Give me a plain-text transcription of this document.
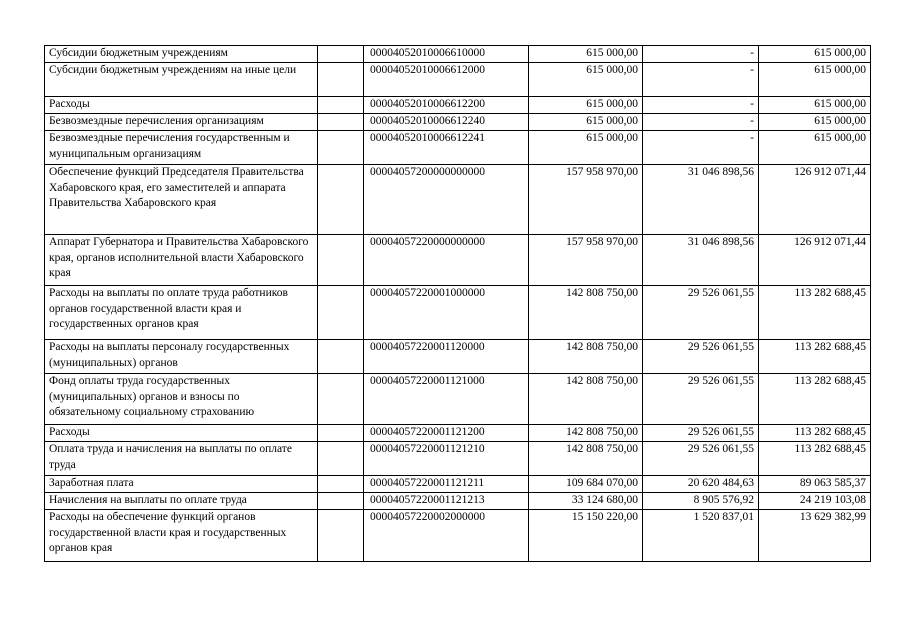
Субсидии бюджетным учреждениям		00004052010006610000	615 000,00	-	615 000,00
Субсидии бюджетным учреждениям на иные цели		00004052010006612000	615 000,00	-	615 000,00
Расходы		00004052010006612200	615 000,00	-	615 000,00
Безвозмездные перечисления организациям		00004052010006612240	615 000,00	-	615 000,00
Безвозмездные перечисления государственным и муниципальным организациям		00004052010006612241	615 000,00	-	615 000,00
Обеспечение функций Председателя Правительства Хабаровского края, его заместителей и аппарата Правительства Хабаровского края		00004057200000000000	157 958 970,00	31 046 898,56	126 912 071,44
Аппарат Губернатора и Правительства Хабаровского края, органов исполнительной власти Хабаровского края		00004057220000000000	157 958 970,00	31 046 898,56	126 912 071,44
Расходы на выплаты по оплате труда работников органов государственной власти края и государственных органов края		00004057220001000000	142 808 750,00	29 526 061,55	113 282 688,45
Расходы на выплаты персоналу государственных (муниципальных) органов		00004057220001120000	142 808 750,00	29 526 061,55	113 282 688,45
Фонд оплаты труда государственных (муниципальных) органов и взносы по обязательному социальному страхованию		00004057220001121000	142 808 750,00	29 526 061,55	113 282 688,45
Расходы		00004057220001121200	142 808 750,00	29 526 061,55	113 282 688,45
Оплата труда и начисления на выплаты по оплате труда		00004057220001121210	142 808 750,00	29 526 061,55	113 282 688,45
Заработная плата		00004057220001121211	109 684 070,00	20 620 484,63	89 063 585,37
Начисления на выплаты по оплате труда		00004057220001121213	33 124 680,00	8 905 576,92	24 219 103,08
Расходы на обеспечение функций органов государственной власти края и государственных органов края		00004057220002000000	15 150 220,00	1 520 837,01	13 629 382,99
